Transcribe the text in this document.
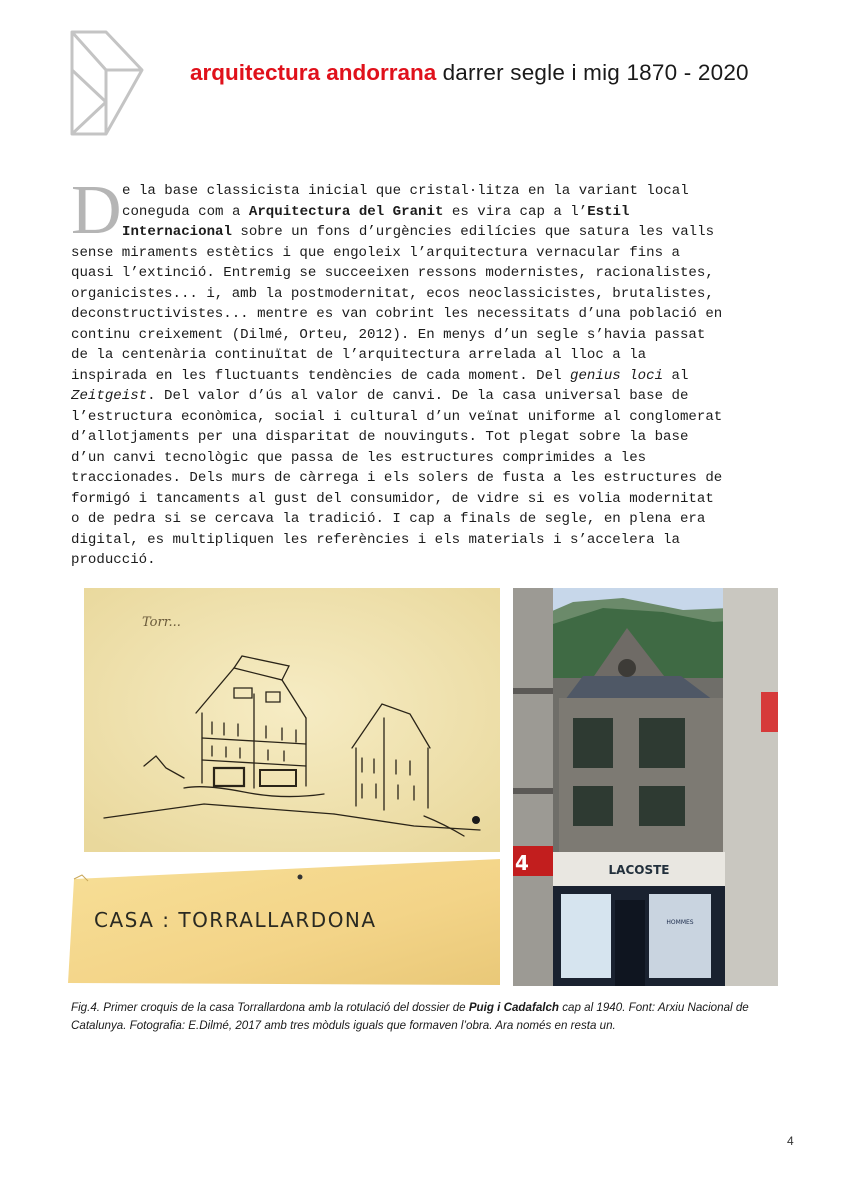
arquitectura andorrana darrer segle i mig 1870 - 2020
D e la base classicista inicial que cristal·litza en la variant local
coneguda com a Arquitectura del Granit es vira cap a l’Estil
Internacional sobre un fons d’urgències edilícies que satura les valls
sense miraments estètics i que engoleix l’arquitectura vernacular fins a
quasi l’extinció. Entremig se succeeixen ressons modernistes, racionalistes,
organicistes... i, amb la postmodernitat, ecos neoclassicistes, brutalistes,
deconstructivistes... mentre es van cobrint les necessitats d’una població en
continu creixement (Dilmé, Orteu, 2012). En menys d’un segle s’havia passat
de la centenària continuïtat de l’arquitectura arrelada al lloc a la
inspirada en les fluctuants tendències de cada moment. Del genius loci al
Zeitgeist. Del valor d’ús al valor de canvi. De la casa universal base de
l’estructura econòmica, social i cultural d’un veïnat uniforme al conglomerat
d’allotjaments per una disparitat de nouvinguts. Tot plegat sobre la base
d’un canvi tecnològic que passa de les estructures comprimides a les
traccionades. Dels murs de càrrega i els solers de fusta a les estructures de
formigó i tancaments al gust del consumidor, de vidre si es volia modernitat
o de pedra si se cercava la tradició. I cap a finals de segle, en plena era
digital, es multipliquen les referències i els materials i s’accelera la
producció.
Torr...
CASA : TORRALLARDONA
4	LACOSTE
HOMMES
Fig.4. Primer croquis de la casa Torrallardona amb la rotulació del dossier de Puig i Cadafalch cap al 1940. Font: Arxiu Nacional de Catalunya. Fotografia: E.Dilmé, 2017 amb tres mòduls iguals que formaven l’obra. Ara només en resta un.
4
